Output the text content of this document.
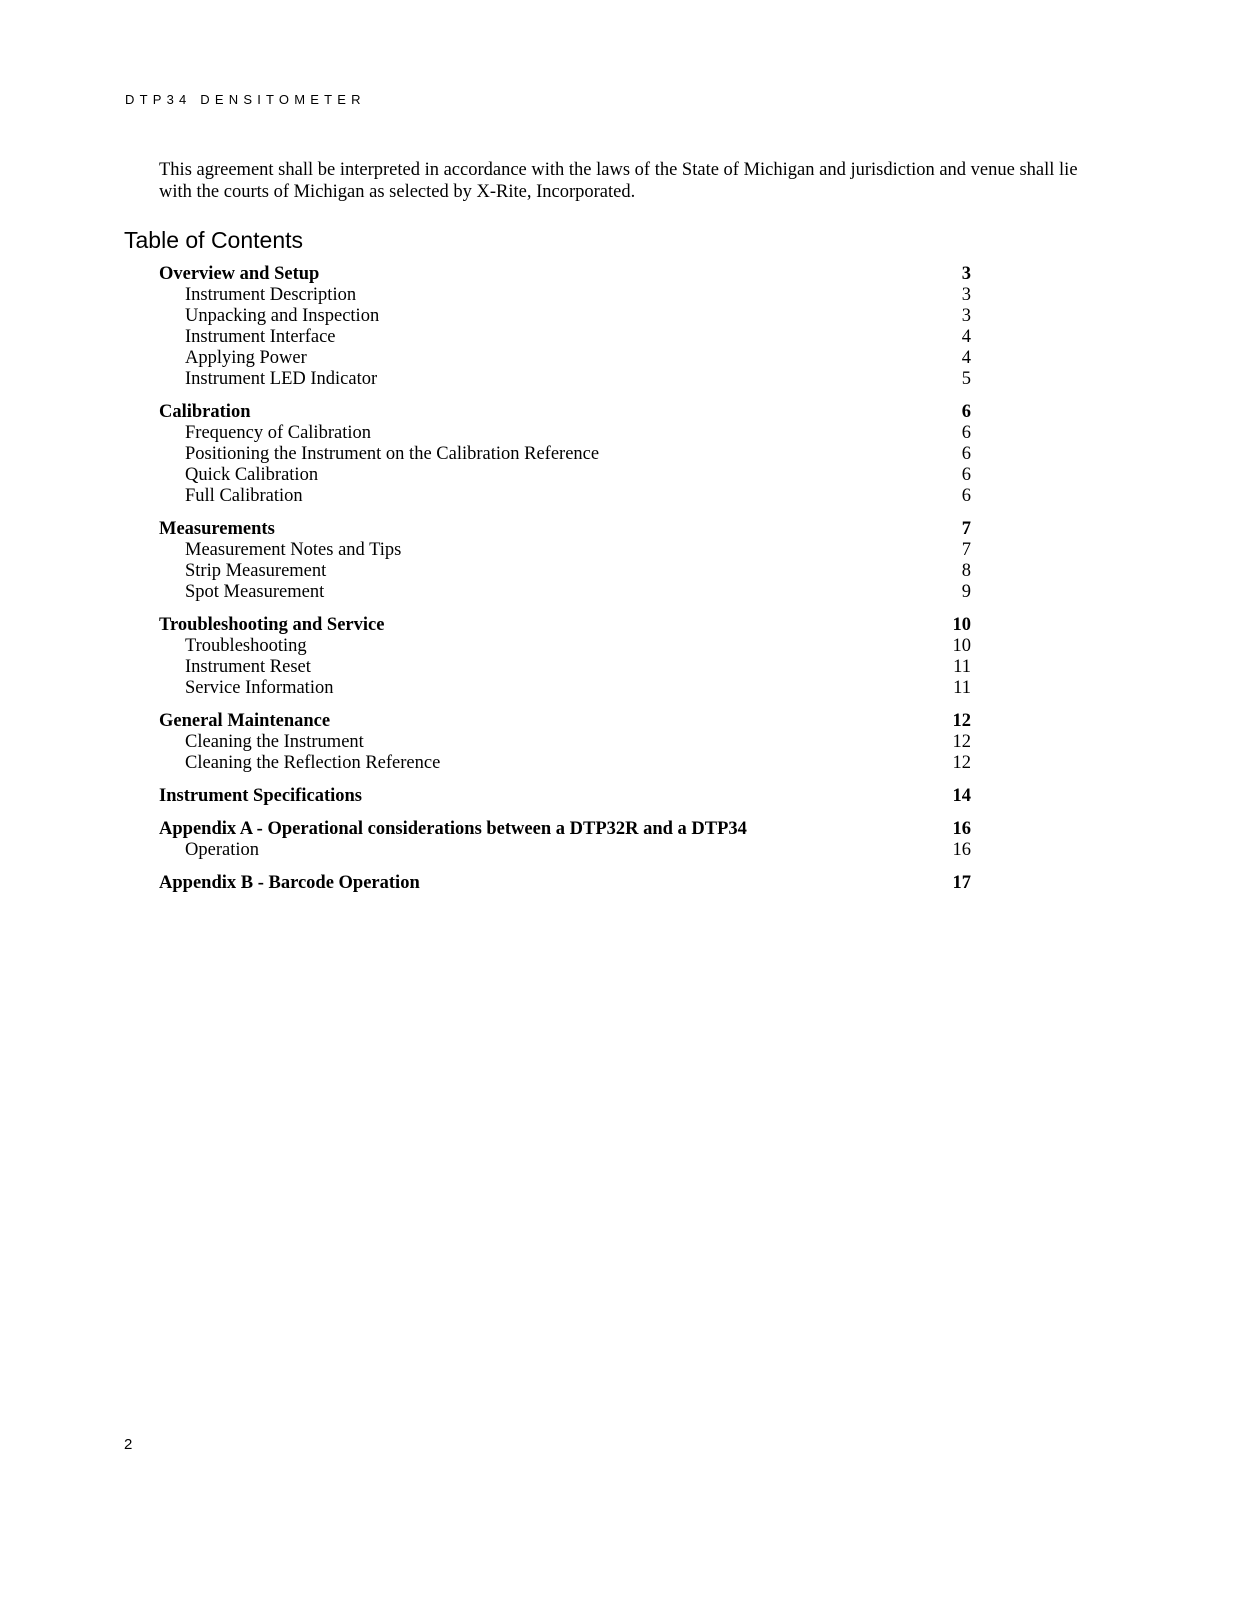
DTP34 DENSITOMETER

This agreement shall be interpreted in accordance with the laws of the State of Michigan and jurisdiction and venue shall lie with the courts of Michigan as selected by X-Rite, Incorporated.

Table of Contents
Overview and Setup	3
Instrument Description	3
Unpacking and Inspection	3
Instrument Interface	4
Applying Power	4
Instrument LED Indicator	5
Calibration	6
Frequency of Calibration	6
Positioning the Instrument on the Calibration Reference	6
Quick Calibration	6
Full Calibration	6
Measurements	7
Measurement Notes and Tips	7
Strip Measurement	8
Spot Measurement	9
Troubleshooting and Service	10
Troubleshooting	10
Instrument Reset	11
Service Information	11
General Maintenance	12
Cleaning the Instrument	12
Cleaning the Reflection Reference	12
Instrument Specifications	14
Appendix A - Operational considerations between a DTP32R and a DTP34	16
Operation	16
Appendix B - Barcode Operation	17
2
